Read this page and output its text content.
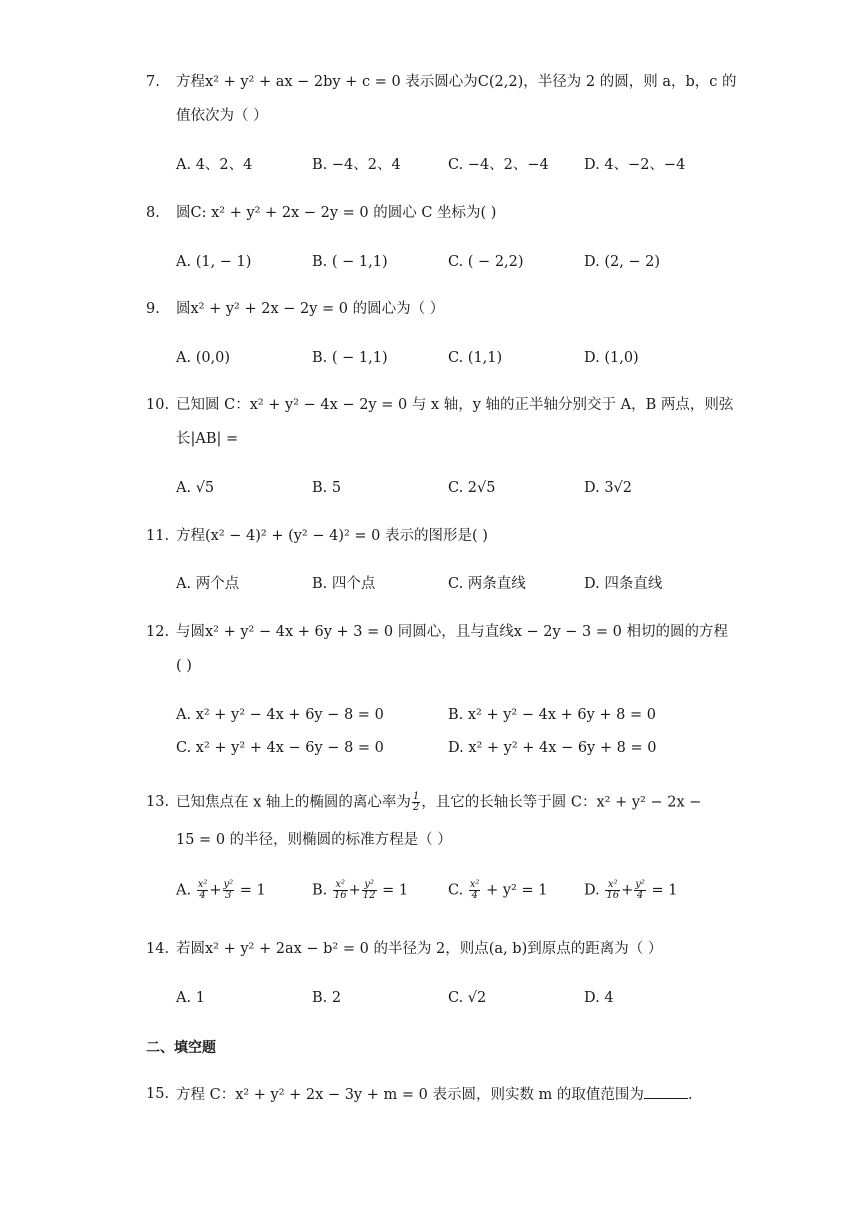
7. 方程x² + y² + ax − 2by + c = 0 表示圆心为C(2,2)，半径为 2 的圆，则 a，b，c 的
值依次为（ ）
A. 4、2、4	B. −4、2、4	C. −4、2、−4 D. 4、−2、−4
8. 圆C: x² + y² + 2x − 2y = 0 的圆心 C 坐标为( )
A. (1, − 1)	B. ( − 1,1)	C. ( − 2,2)	D. (2, − 2)
9. 圆x² + y² + 2x − 2y = 0 的圆心为（ ）
A. (0,0)	B. ( − 1,1)	C. (1,1)	D. (1,0)
10. 已知圆 C：x² + y² − 4x − 2y = 0 与 x 轴，y 轴的正半轴分别交于 A，B 两点，则弦
长|AB| =
A. √5	B. 5	C. 2√5	D. 3√2
11. 方程(x² − 4)² + (y² − 4)² = 0 表示的图形是( )
A. 两个点	B. 四个点	C. 两条直线	D. 四条直线
12. 与圆x² + y² − 4x + 6y + 3 = 0 同圆心，且与直线x − 2y − 3 = 0 相切的圆的方程
( )
A. x² + y² − 4x + 6y − 8 = 0	B. x² + y² − 4x + 6y + 8 = 0
C. x² + y² + 4x − 6y − 8 = 0	D. x² + y² + 4x − 6y + 8 = 0
13. 已知焦点在 x 轴上的椭圆的离心率为 $\frac{1}{2}$ ，且它的长轴长等于圆 C：x² + y² − 2x −
15 = 0 的半径，则椭圆的标准方程是（ ）
A. $\frac{\text{x²}}{4} + \frac{\text{y²}}{3} = 1$	B. $\frac{\text{x²}}{16} + \frac{\text{y²}}{12} = 1$	C. $\frac{\text{x²}}{4} + y^2 = 1$	D. $\frac{\text{x²}}{16} + \frac{\text{y²}}{4} = 1$
14. 若圆x² + y² + 2ax − b² = 0 的半径为 2，则点(a, b)到原点的距离为（ ）
A. 1	B. 2	C. √2	D. 4
二、填空题
15. 方程 C：x² + y² + 2x − 3y + m = 0 表示圆，则实数 m 的取值范围为	.
